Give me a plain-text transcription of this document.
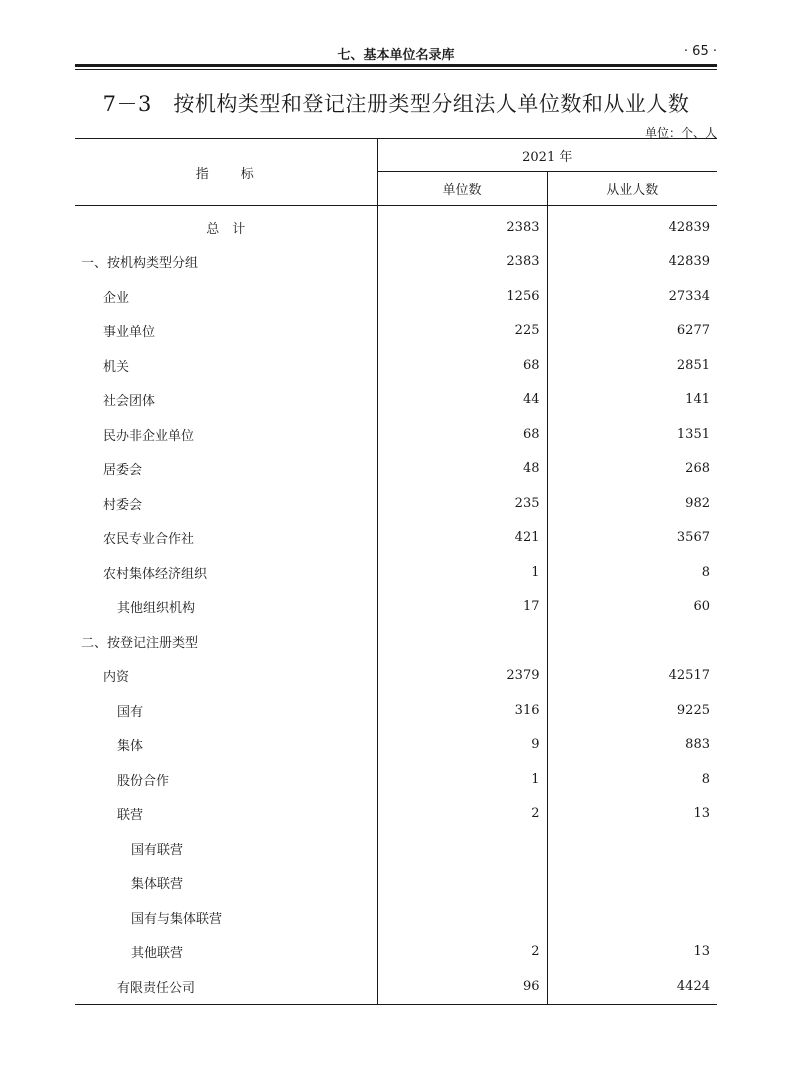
七、基本单位名录库	· 65 ·
7－3　按机构类型和登记注册类型分组法人单位数和从业人数
单位：个、人
指　　标	2021 年	
	单位数	从业人数
总　计	2383	42839
一、按机构类型分组	2383	42839
企业	1256	27334
事业单位	225	6277
机关	68	2851
社会团体	44	141
民办非企业单位	68	1351
居委会	48	268
村委会	235	982
农民专业合作社	421	3567
农村集体经济组织	1	8
其他组织机构	17	60
二、按登记注册类型		
内资	2379	42517
国有	316	9225
集体	9	883
股份合作	1	8
联营	2	13
国有联营		
集体联营		
国有与集体联营		
其他联营	2	13
有限责任公司	96	4424
